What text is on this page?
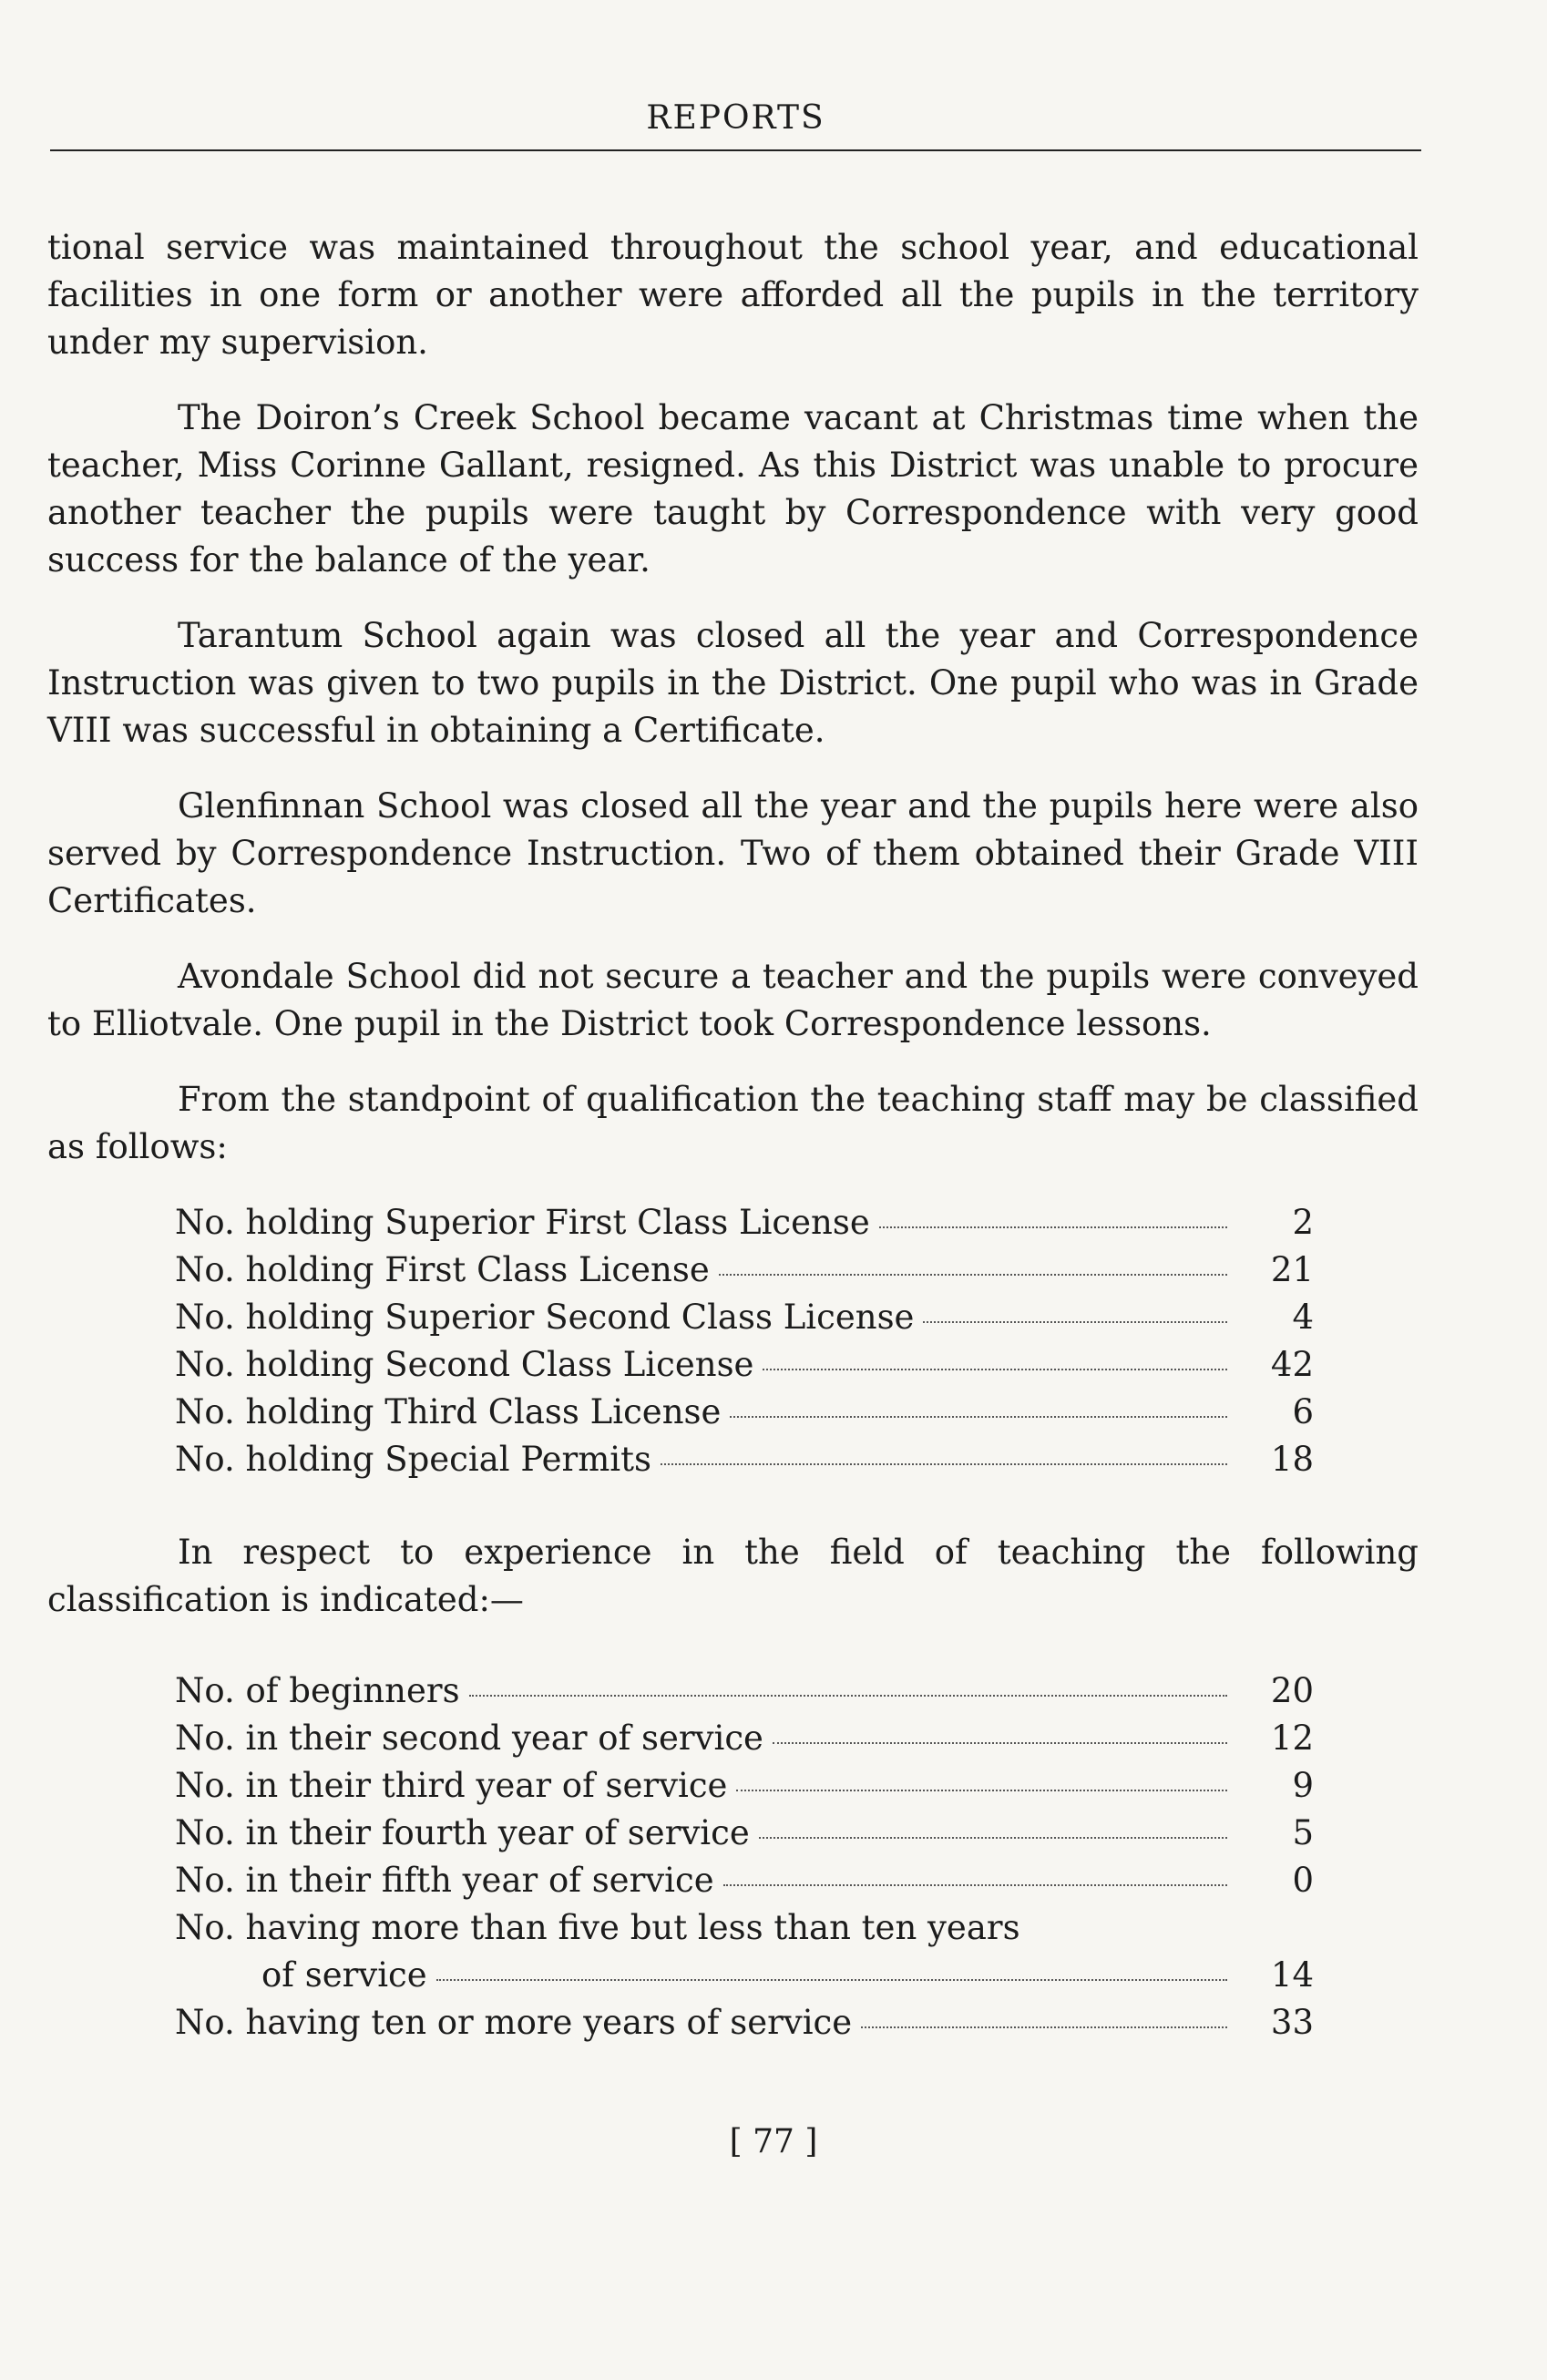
REPORTS

tional service was maintained throughout the school year, and educational facilities in one form or another were afforded all the pupils in the territory under my supervision.

The Doiron’s Creek School became vacant at Christmas time when the teacher, Miss Corinne Gallant, resigned. As this District was unable to procure another teacher the pupils were taught by Correspondence with very good success for the balance of the year.

Tarantum School again was closed all the year and Correspondence Instruction was given to two pupils in the District. One pupil who was in Grade VIII was successful in obtaining a Certificate.

Glenfinnan School was closed all the year and the pupils here were also served by Correspondence Instruction. Two of them obtained their Grade VIII Certificates.

Avondale School did not secure a teacher and the pupils were conveyed to Elliotvale. One pupil in the District took Correspondence lessons.

From the standpoint of qualification the teaching staff may be classified as follows:

No. holding Superior First Class License	2
No. holding First Class License	21
No. holding Superior Second Class License	4
No. holding Second Class License	42
No. holding Third Class License	6
No. holding Special Permits	18

In respect to experience in the field of teaching the following classification is indicated:—

No. of beginners	20
No. in their second year of service	12
No. in their third year of service	9
No. in their fourth year of service	5
No. in their fifth year of service	0
No. having more than five but less than ten years
of service	14
No. having ten or more years of service	33
[ 77 ]
